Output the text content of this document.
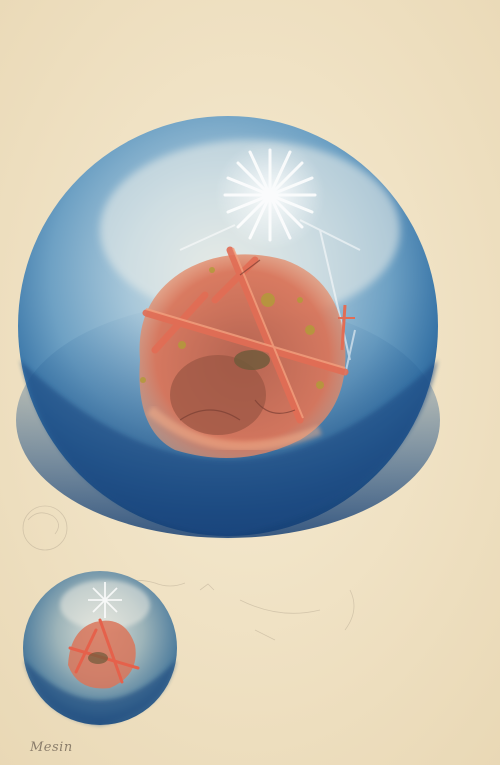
Mesin
